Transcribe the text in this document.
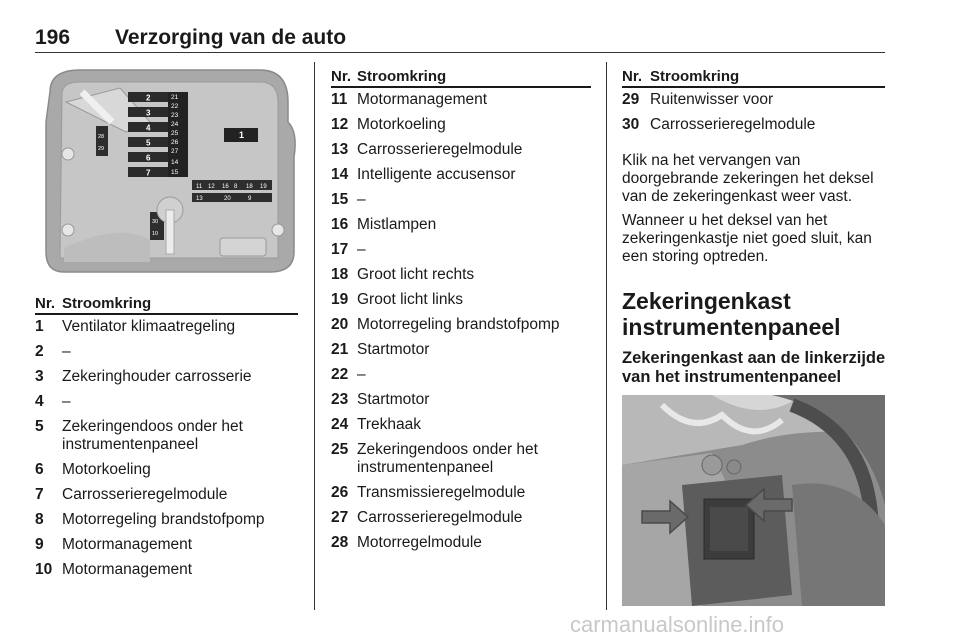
196 Verzorging van de auto
2
3
4
5
6
7
21
22
23
24
25
26
27
14
15
1
11 12 16 8 18 19
13	20	9
28
29
30
10
Nr. Stroomkring
1	Ventilator klimaatregeling
2	–
3	Zekeringhouder carrosserie
4	–
5	Zekeringendoos onder het instrumentenpaneel
6	Motorkoeling
7	Carrosserieregelmodule
8	Motorregeling brandstofpomp
9	Motormanagement
10 Motormanagement
Nr. Stroomkring
11 Motormanagement
12 Motorkoeling
13 Carrosserieregelmodule
14 Intelligente accusensor
15 –
16 Mistlampen
17 –
18 Groot licht rechts
19 Groot licht links
20 Motorregeling brandstofpomp
21 Startmotor
22 –
23 Startmotor
24 Trekhaak
25 Zekeringendoos onder het instrumentenpaneel
26 Transmissieregelmodule
27 Carrosserieregelmodule
28 Motorregelmodule
Nr. Stroomkring
29 Ruitenwisser voor
30 Carrosserieregelmodule

Klik na het vervangen van doorgebrande zekeringen het deksel van de zekeringenkast weer vast.

Wanneer u het deksel van het zekeringenkastje niet goed sluit, kan een storing optreden.

Zekeringenkast instrumentenpaneel
Zekeringenkast aan de linkerzijde van het instrumentenpaneel
carmanualsonline.info
